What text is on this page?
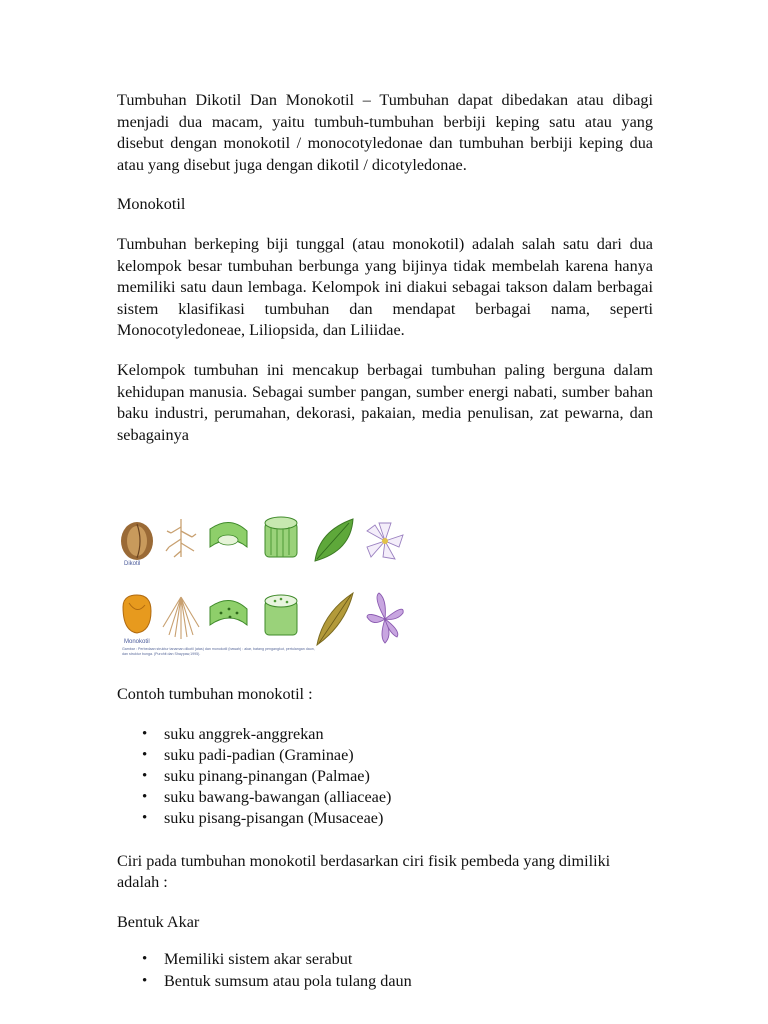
Tumbuhan Dikotil Dan Monokotil – Tumbuhan dapat dibedakan atau dibagi menjadi dua macam, yaitu tumbuh-tumbuhan berbiji keping satu atau yang disebut dengan monokotil / monocotyledonae dan tumbuhan berbiji keping dua atau yang disebut juga dengan dikotil / dicotyledonae.

Monokotil

Tumbuhan berkeping biji tunggal (atau monokotil) adalah salah satu dari dua kelompok besar tumbuhan berbunga yang bijinya tidak membelah karena hanya memiliki satu daun lembaga. Kelompok ini diakui sebagai takson dalam berbagai sistem klasifikasi tumbuhan dan mendapat berbagai nama, seperti Monocotyledoneae, Liliopsida, dan Liliidae.

Kelompok tumbuhan ini mencakup berbagai tumbuhan paling berguna dalam kehidupan manusia. Sebagai sumber pangan, sumber energi nabati, sumber bahan baku industri, perumahan, dekorasi, pakaian, media penulisan, zat pewarna, dan sebagainya

Dikotil
Monokotil
Gambar : Perbedaan struktur tanaman dikotil (atas) dan monokotil (bawah) : akar, batang pengangkut, pertulangan daun,
dan struktur bunga. (Purohit dan Shaypaw,1995).

Contoh tumbuhan monokotil :

• suku anggrek-anggrekan
• suku padi-padian (Graminae)
• suku pinang-pinangan (Palmae)
• suku bawang-bawangan (alliaceae)
• suku pisang-pisangan (Musaceae)

Ciri pada tumbuhan monokotil berdasarkan ciri fisik pembeda yang dimiliki adalah :

Bentuk Akar

• Memiliki sistem akar serabut
• Bentuk sumsum atau pola tulang daun
